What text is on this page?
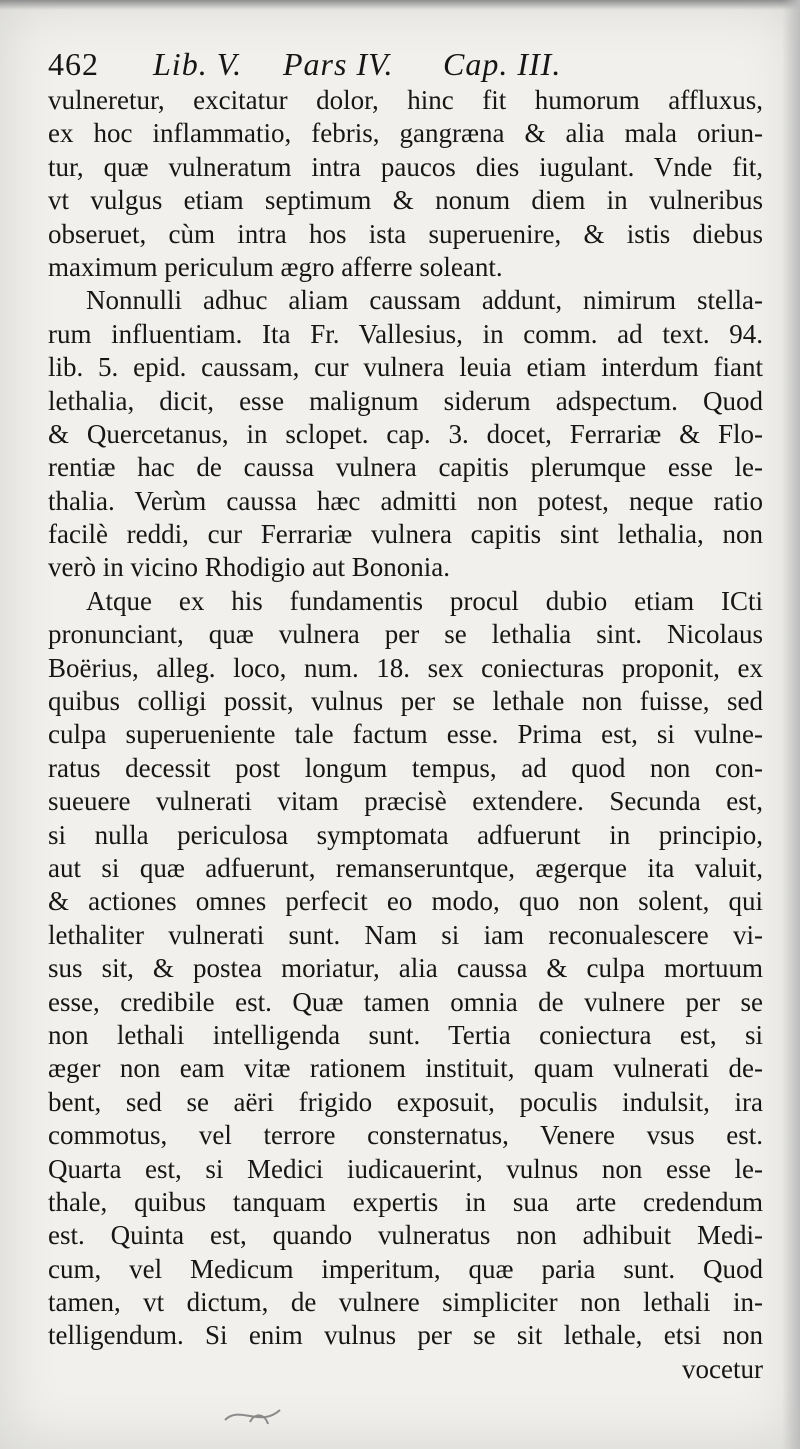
462 Lib. V. Pars IV. Cap. III.
vulneretur, excitatur dolor, hinc fit humorum affluxus,
ex hoc inflammatio, febris, gangræna & alia mala oriun-
tur, quæ vulneratum intra paucos dies iugulant. Vnde fit,
vt vulgus etiam septimum & nonum diem in vulneribus
obseruet, cùm intra hos ista superuenire, & istis diebus
maximum periculum ægro afferre soleant.
Nonnulli adhuc aliam caussam addunt, nimirum stella-
rum influentiam. Ita Fr. Vallesius, in comm. ad text. 94.
lib. 5. epid. caussam, cur vulnera leuia etiam interdum fiant
lethalia, dicit, esse malignum siderum adspectum. Quod
& Quercetanus, in sclopet. cap. 3. docet, Ferrariæ & Flo-
rentiæ hac de caussa vulnera capitis plerumque esse le-
thalia. Verùm caussa hæc admitti non potest, neque ratio
facilè reddi, cur Ferrariæ vulnera capitis sint lethalia, non
verò in vicino Rhodigio aut Bononia.
Atque ex his fundamentis procul dubio etiam ICti
pronunciant, quæ vulnera per se lethalia sint. Nicolaus
Boërius, alleg. loco, num. 18. sex coniecturas proponit, ex
quibus colligi possit, vulnus per se lethale non fuisse, sed
culpa superueniente tale factum esse. Prima est, si vulne-
ratus decessit post longum tempus, ad quod non con-
sueuere vulnerati vitam præcisè extendere. Secunda est,
si nulla periculosa symptomata adfuerunt in principio,
aut si quæ adfuerunt, remanseruntque, ægerque ita valuit,
& actiones omnes perfecit eo modo, quo non solent, qui
lethaliter vulnerati sunt. Nam si iam reconualescere vi-
sus sit, & postea moriatur, alia caussa & culpa mortuum
esse, credibile est. Quæ tamen omnia de vulnere per se
non lethali intelligenda sunt. Tertia coniectura est, si
æger non eam vitæ rationem instituit, quam vulnerati de-
bent, sed se aëri frigido exposuit, poculis indulsit, ira
commotus, vel terrore consternatus, Venere vsus est.
Quarta est, si Medici iudicauerint, vulnus non esse le-
thale, quibus tanquam expertis in sua arte credendum
est. Quinta est, quando vulneratus non adhibuit Medi-
cum, vel Medicum imperitum, quæ paria sunt. Quod
tamen, vt dictum, de vulnere simpliciter non lethali in-
telligendum. Si enim vulnus per se sit lethale, etsi non
vocetur
